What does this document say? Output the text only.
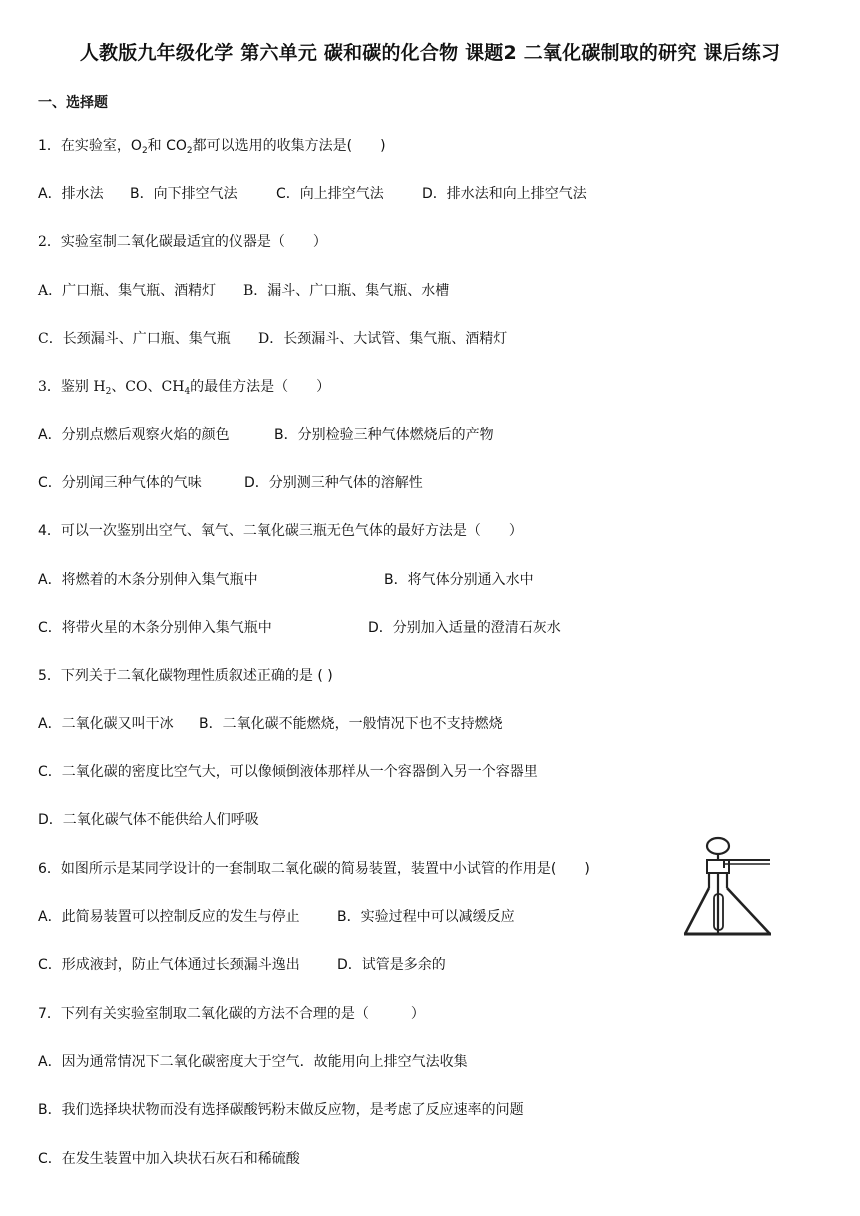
人教版九年级化学 第六单元 碳和碳的化合物 课题2 二氧化碳制取的研究 课后练习
一、选择题
1．在实验室，$O_2$和 $CO_2$都可以选用的收集方法是(　　)
A．排水法 B．向下排空气法	C．向上排空气法	D．排水法和向上排空气法
2．实验室制二氧化碳最适宜的仪器是（　　）
A．广口瓶、集气瓶、酒精灯 B．漏斗、广口瓶、集气瓶、水槽
C．长颈漏斗、广口瓶、集气瓶 D．长颈漏斗、大试管、集气瓶、酒精灯
3．鉴别 $H_2$、CO、$CH_4$的最佳方法是（　　）
A．分别点燃后观察火焰的颜色	B．分别检验三种气体燃烧后的产物
C．分别闻三种气体的气味	D．分别测三种气体的溶解性
4．可以一次鉴别出空气、氧气、二氧化碳三瓶无色气体的最好方法是（　　）
A．将燃着的木条分别伸入集气瓶中	B．将气体分别通入水中
C．将带火星的木条分别伸入集气瓶中	D．分别加入适量的澄清石灰水
5．下列关于二氧化碳物理性质叙述正确的是 ( )
A．二氧化碳又叫干冰 B．二氧化碳不能燃烧，一般情况下也不支持燃烧
C．二氧化碳的密度比空气大，可以像倾倒液体那样从一个容器倒入另一个容器里
D．二氧化碳气体不能供给人们呼吸
6．如图所示是某同学设计的一套制取二氧化碳的简易装置，装置中小试管的作用是(　　)
A．此简易装置可以控制反应的发生与停止	B．实验过程中可以减缓反应
C．形成液封，防止气体通过长颈漏斗逸出	D．试管是多余的
7．下列有关实验室制取二氧化碳的方法不合理的是（　　　）
A．因为通常情况下二氧化碳密度大于空气．故能用向上排空气法收集
B．我们选择块状物而没有选择碳酸钙粉末做反应物，是考虑了反应速率的问题
C．在发生装置中加入块状石灰石和稀硫酸
